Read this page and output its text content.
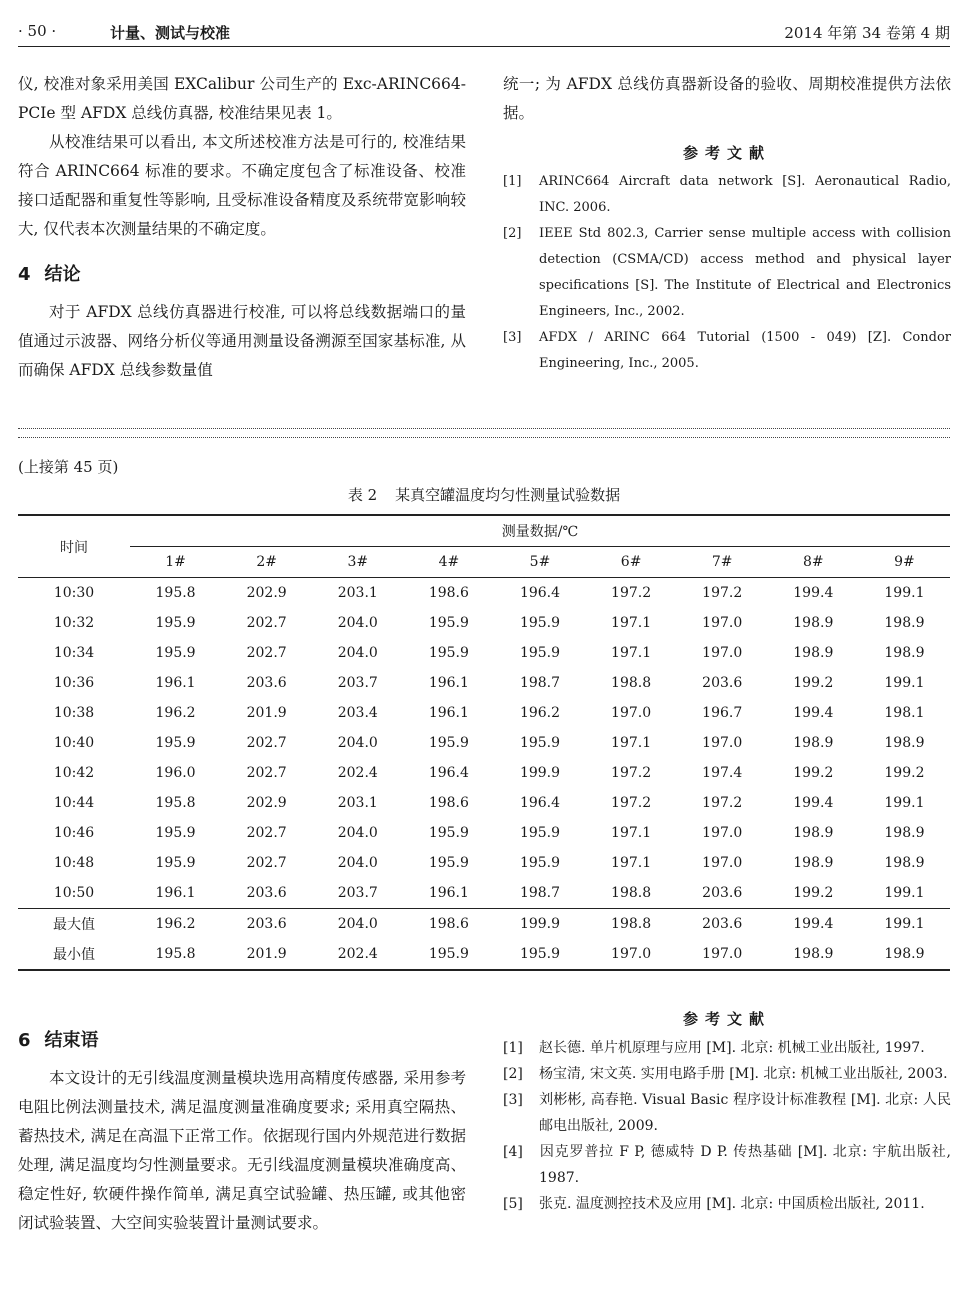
· 50 ·	计量、测试与校准	2014 年第 34 卷第 4 期

仪, 校准对象采用美国 EXCalibur 公司生产的 Exc-ARINC664-PCIe 型 AFDX 总线仿真器, 校准结果见表 1。

从校准结果可以看出, 本文所述校准方法是可行的, 校准结果符合 ARINC664 标准的要求。不确定度包含了标准设备、校准接口适配器和重复性等影响, 且受标准设备精度及系统带宽影响较大, 仅代表本次测量结果的不确定度。

4 结论

对于 AFDX 总线仿真器进行校准, 可以将总线数据端口的量值通过示波器、网络分析仪等通用测量设备溯源至国家基标准, 从而确保 AFDX 总线参数量值

统一; 为 AFDX 总线仿真器新设备的验收、周期校准提供方法依据。

参考文献

[1] ARINC664 Aircraft data network [S]. Aeronautical Radio, INC. 2006.

[2] IEEE Std 802.3, Carrier sense multiple access with collision detection (CSMA/CD) access method and physical layer specifications [S]. The Institute of Electrical and Electronics Engineers, Inc., 2002.

[3] AFDX / ARINC 664 Tutorial (1500 - 049) [Z]. Condor Engineering, Inc., 2005.

(上接第 45 页)
表 2 某真空罐温度均匀性测量试验数据
时间	测量数据/℃								
	1#	2#	3#	4#	5#	6#	7#	8#	9#
10:30	195.8	202.9	203.1	198.6	196.4	197.2	197.2	199.4	199.1
10:32	195.9	202.7	204.0	195.9	195.9	197.1	197.0	198.9	198.9
10:34	195.9	202.7	204.0	195.9	195.9	197.1	197.0	198.9	198.9
10:36	196.1	203.6	203.7	196.1	198.7	198.8	203.6	199.2	199.1
10:38	196.2	201.9	203.4	196.1	196.2	197.0	196.7	199.4	198.1
10:40	195.9	202.7	204.0	195.9	195.9	197.1	197.0	198.9	198.9
10:42	196.0	202.7	202.4	196.4	199.9	197.2	197.4	199.2	199.2
10:44	195.8	202.9	203.1	198.6	196.4	197.2	197.2	199.4	199.1
10:46	195.9	202.7	204.0	195.9	195.9	197.1	197.0	198.9	198.9
10:48	195.9	202.7	204.0	195.9	195.9	197.1	197.0	198.9	198.9
10:50	196.1	203.6	203.7	196.1	198.7	198.8	203.6	199.2	199.1
最大值	196.2	203.6	204.0	198.6	199.9	198.8	203.6	199.4	199.1
最小值	195.8	201.9	202.4	195.9	195.9	197.0	197.0	198.9	198.9
6 结束语

本文设计的无引线温度测量模块选用高精度传感器, 采用参考电阻比例法测量技术, 满足温度测量准确度要求; 采用真空隔热、蓄热技术, 满足在高温下正常工作。依据现行国内外规范进行数据处理, 满足温度均匀性测量要求。无引线温度测量模块准确度高、稳定性好, 软硬件操作简单, 满足真空试验罐、热压罐, 或其他密闭试验装置、大空间实验装置计量测试要求。

参考文献

[1] 赵长德. 单片机原理与应用 [M]. 北京: 机械工业出版社, 1997.

[2] 杨宝清, 宋文英. 实用电路手册 [M]. 北京: 机械工业出版社, 2003.

[3] 刘彬彬, 高春艳. Visual Basic 程序设计标准教程 [M]. 北京: 人民邮电出版社, 2009.

[4] 因克罗普拉 F P, 德威特 D P. 传热基础 [M]. 北京: 宇航出版社, 1987.

[5] 张克. 温度测控技术及应用 [M]. 北京: 中国质检出版社, 2011.
